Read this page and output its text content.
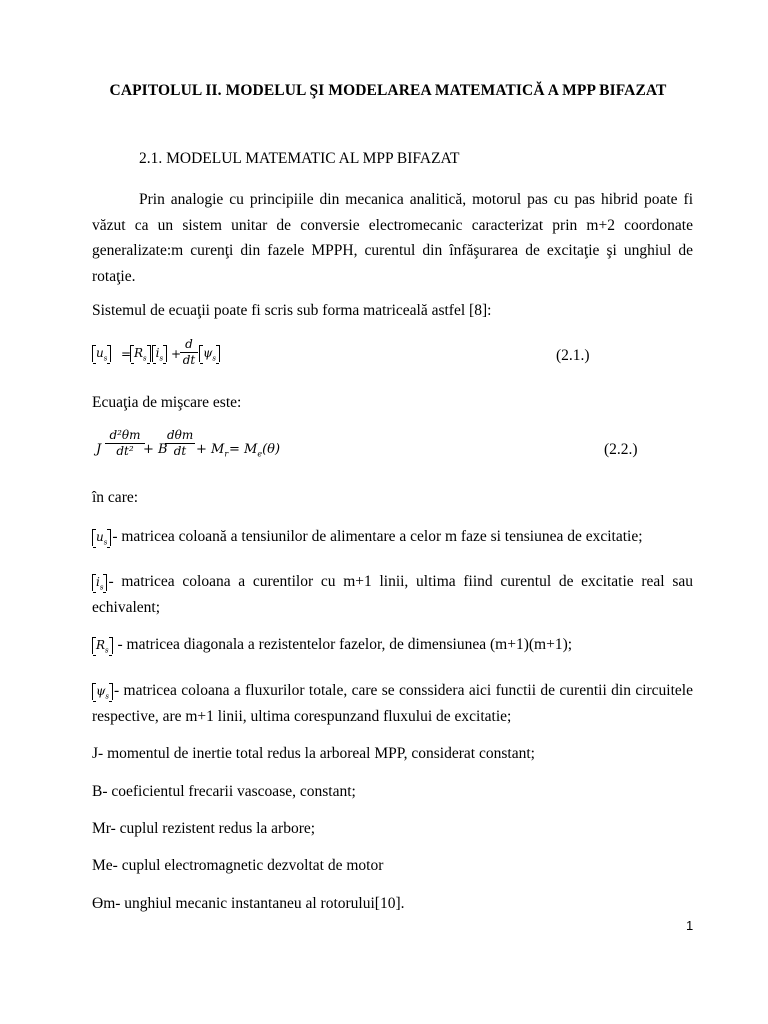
CAPITOLUL II. MODELUL ŞI MODELAREA MATEMATICĂ A MPP BIFAZAT
2.1. MODELUL MATEMATIC AL MPP BIFAZAT
Prin analogie cu principiile din mecanica analitică, motorul pas cu pas hibrid poate fi văzut ca un sistem unitar de conversie electromecanic caracterizat prin m+2 coordonate generalizate:m curenţi din fazele MPPH, curentul din înfăşurarea de excitaţie şi unghiul de rotaţie.
Sistemul de ecuaţii poate fi scris sub forma matriceală astfel [8]:
$u_s$	= $R_s$ $i_s$ +
$\frac{d}{dt} \psi_s$	(2.1.)
Ecuaţia de mişcare este:
J $\frac{\text{d²θm}}{\text{dt²}}$
+ B
dθm
dt + $M_r = M_e(\theta)$	(2.2.)
în care:
$u_s$ - matricea coloană a tensiunilor de alimentare a celor m faze si tensiunea de excitatie;
$i_s$ - matricea coloana a curentilor cu m+1 linii, ultima fiind curentul de excitatie real sau echivalent;
$R_s$ - matricea diagonala a rezistentelor fazelor, de dimensiunea (m+1)(m+1);
$\psi_s$ - matricea coloana a fluxurilor totale, care se conssidera aici functii de curentii din circuitele respective, are m+1 linii, ultima corespunzand fluxului de excitatie;
J- momentul de inertie total redus la arboreal MPP, considerat constant;
B- coeficientul frecarii vascoase, constant;
Mr- cuplul rezistent redus la arbore;
Me- cuplul electromagnetic dezvoltat de motor
Ɵm- unghiul mecanic instantaneu al rotorului[10].
1
